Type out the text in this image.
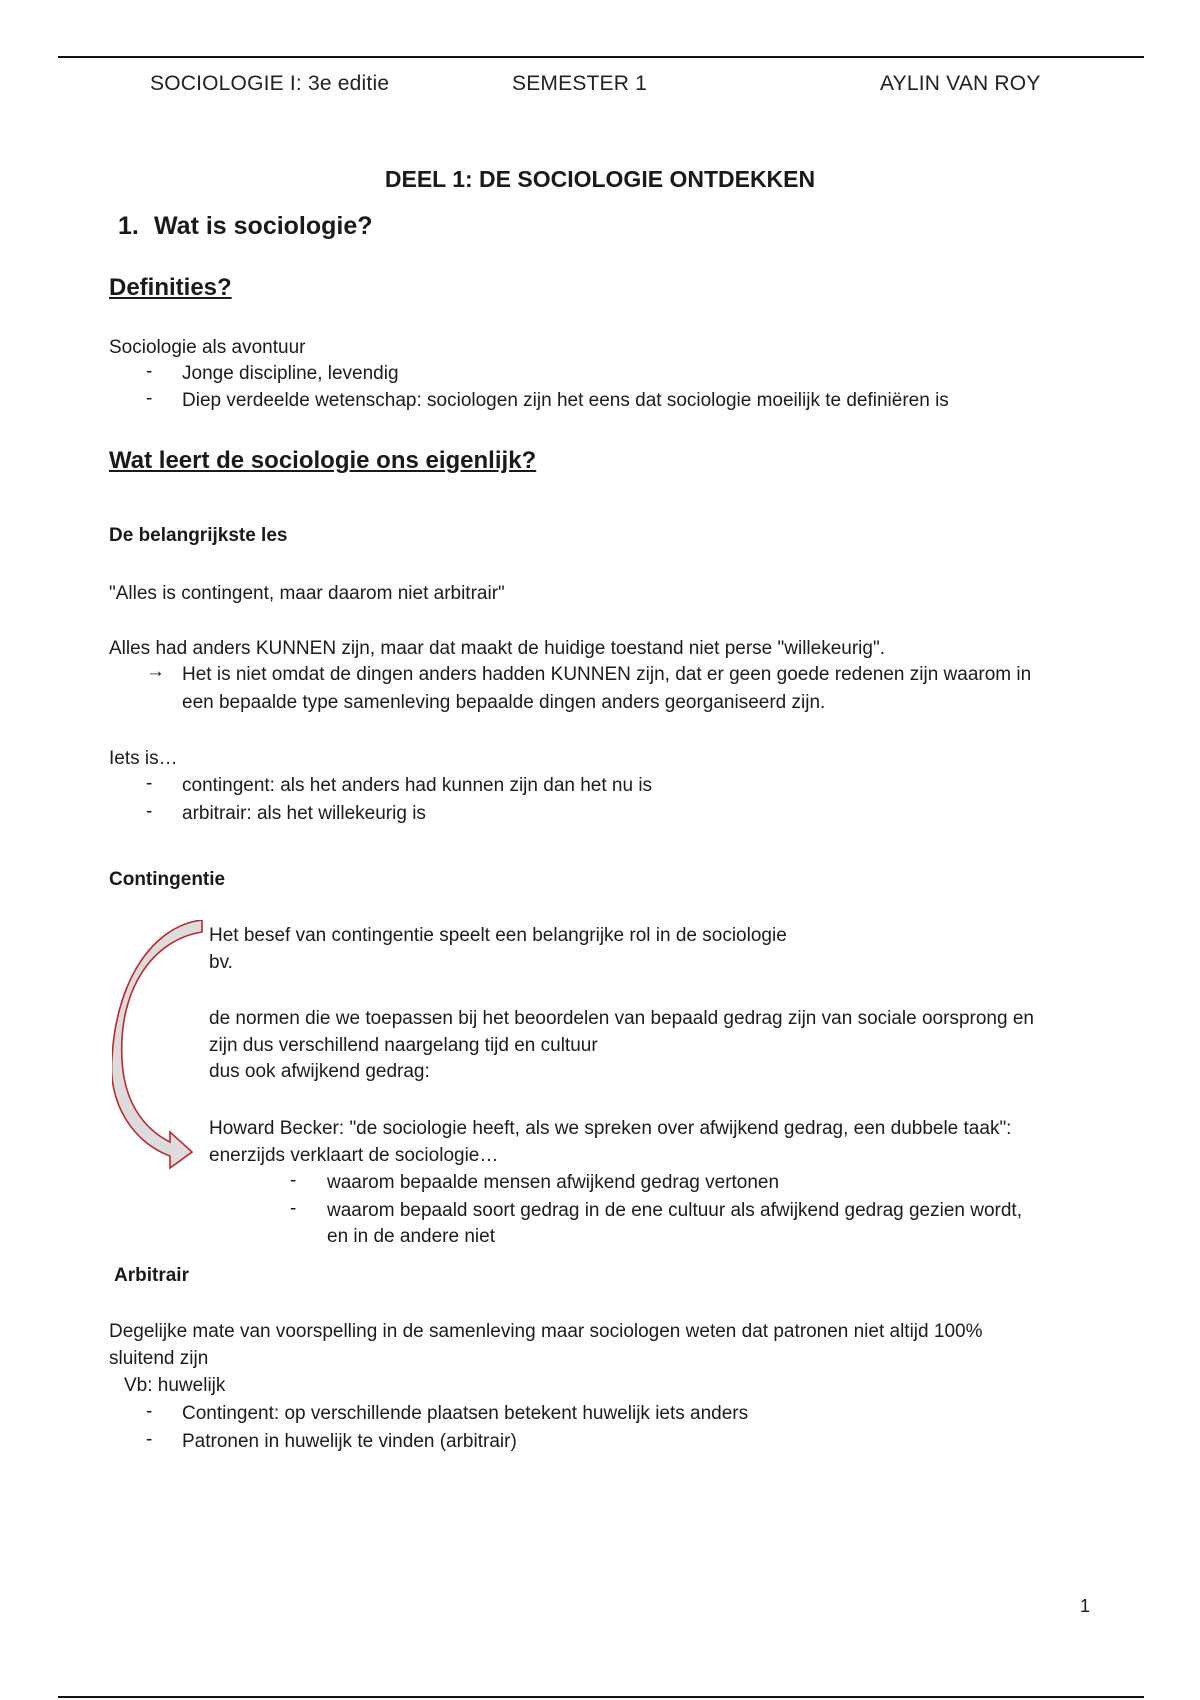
SOCIOLOGIE I: 3e editie	SEMESTER 1	AYLIN VAN ROY
DEEL 1: DE SOCIOLOGIE ONTDEKKEN
1. Wat is sociologie?
Definities?
Sociologie als avontuur
- Jonge discipline, levendig
- Diep verdeelde wetenschap: sociologen zijn het eens dat sociologie moeilijk te definiëren is
Wat leert de sociologie ons eigenlijk?
De belangrijkste les
"Alles is contingent, maar daarom niet arbitrair"
Alles had anders KUNNEN zijn, maar dat maakt de huidige toestand niet perse "willekeurig".
→ Het is niet omdat de dingen anders hadden KUNNEN zijn, dat er geen goede redenen zijn waarom in
een bepaalde type samenleving bepaalde dingen anders georganiseerd zijn.
Iets is…
- contingent: als het anders had kunnen zijn dan het nu is
- arbitrair: als het willekeurig is
Contingentie
Het besef van contingentie speelt een belangrijke rol in de sociologie
bv.
de normen die we toepassen bij het beoordelen van bepaald gedrag zijn van sociale oorsprong en
zijn dus verschillend naargelang tijd en cultuur
dus ook afwijkend gedrag:
Howard Becker: "de sociologie heeft, als we spreken over afwijkend gedrag, een dubbele taak":
enerzijds verklaart de sociologie…
- waarom bepaalde mensen afwijkend gedrag vertonen
- waarom bepaald soort gedrag in de ene cultuur als afwijkend gedrag gezien wordt,
en in de andere niet
Arbitrair
Degelijke mate van voorspelling in de samenleving maar sociologen weten dat patronen niet altijd 100%
sluitend zijn
Vb: huwelijk
- Contingent: op verschillende plaatsen betekent huwelijk iets anders
- Patronen in huwelijk te vinden (arbitrair)
1
